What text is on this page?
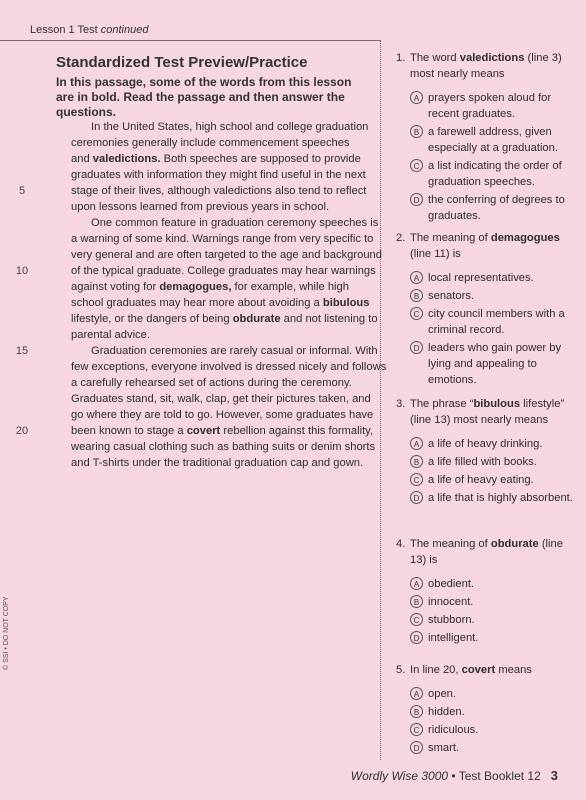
Lesson 1 Test continued
Standardized Test Preview/Practice
In this passage, some of the words from this lesson are in bold. Read the passage and then answer the questions.
In the United States, high school and college graduation
ceremonies generally include commencement speeches
and valedictions. Both speeches are supposed to provide
graduates with information they might find useful in the next
5	stage of their lives, although valedictions also tend to reflect
upon lessons learned from previous years in school.
One common feature in graduation ceremony speeches is
a warning of some kind. Warnings range from very specific to
very general and are often targeted to the age and background
10	of the typical graduate. College graduates may hear warnings
against voting for demagogues, for example, while high
school graduates may hear more about avoiding a bibulous
lifestyle, or the dangers of being obdurate and not listening to
parental advice.
15	Graduation ceremonies are rarely casual or informal. With
few exceptions, everyone involved is dressed nicely and follows
a carefully rehearsed set of actions during the ceremony.
Graduates stand, sit, walk, clap, get their pictures taken, and
go where they are told to go. However, some graduates have
20	been known to stage a covert rebellion against this formality,
wearing casual clothing such as bathing suits or denim shorts
and T-shirts under the traditional graduation cap and gown.
1. The word valedictions (line 3) most nearly means
A prayers spoken aloud for recent graduates.
B a farewell address, given especially at a graduation.
C a list indicating the order of graduation speeches.
D the conferring of degrees to graduates.
2. The meaning of demagogues (line 11) is
A local representatives.
B senators.
C city council members with a criminal record.
D leaders who gain power by lying and appealing to emotions.
3. The phrase “bibulous lifestyle” (line 13) most nearly means
A a life of heavy drinking.
B a life filled with books.
C a life of heavy eating.
D a life that is highly absorbent.
4. The meaning of obdurate (line 13) is
A obedient.
B innocent.
C stubborn.
D intelligent.
5. In line 20, covert means
A open.
B hidden.
C ridiculous.
D smart.
© SSI • DO NOT COPY
Wordly Wise 3000 • Test Booklet 12 3
